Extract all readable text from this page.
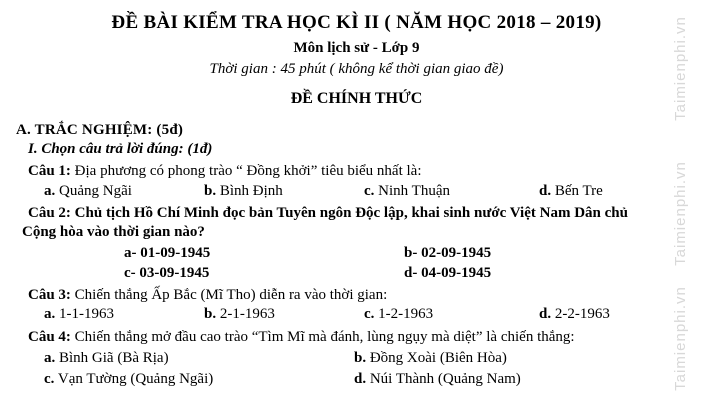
Taimienphi.vn
Taimienphi.vn
Taimienphi.vn
ĐỀ BÀI KIỂM TRA HỌC KÌ II ( NĂM HỌC 2018 – 2019)
Môn lịch sử - Lớp 9
Thời gian : 45 phút ( không kể thời gian giao đề)
ĐỀ CHÍNH THỨC
A. TRẮC NGHIỆM: (5đ)
I. Chọn câu trả lời đúng: (1đ)
Câu 1: Địa phương có phong trào “ Đồng khởi” tiêu biểu nhất là:
a. Quảng Ngãi	b. Bình Định	c. Ninh Thuận	d. Bến Tre
Câu 2: Chủ tịch Hồ Chí Minh đọc bản Tuyên ngôn Độc lập, khai sinh nước Việt Nam Dân chủ
Cộng hòa vào thời gian nào?
a- 01-09-1945	b- 02-09-1945
c- 03-09-1945	d- 04-09-1945
Câu 3: Chiến thắng Ấp Bắc (Mĩ Tho) diễn ra vào thời gian:
a. 1-1-1963	b. 2-1-1963	c. 1-2-1963	d. 2-2-1963
Câu 4: Chiến thắng mở đầu cao trào “Tìm Mĩ mà đánh, lùng ngụy mà diệt” là chiến thắng:
a. Bình Giã (Bà Rịa)	b. Đồng Xoài (Biên Hòa)
c. Vạn Tường (Quảng Ngãi)	d. Núi Thành (Quảng Nam)
